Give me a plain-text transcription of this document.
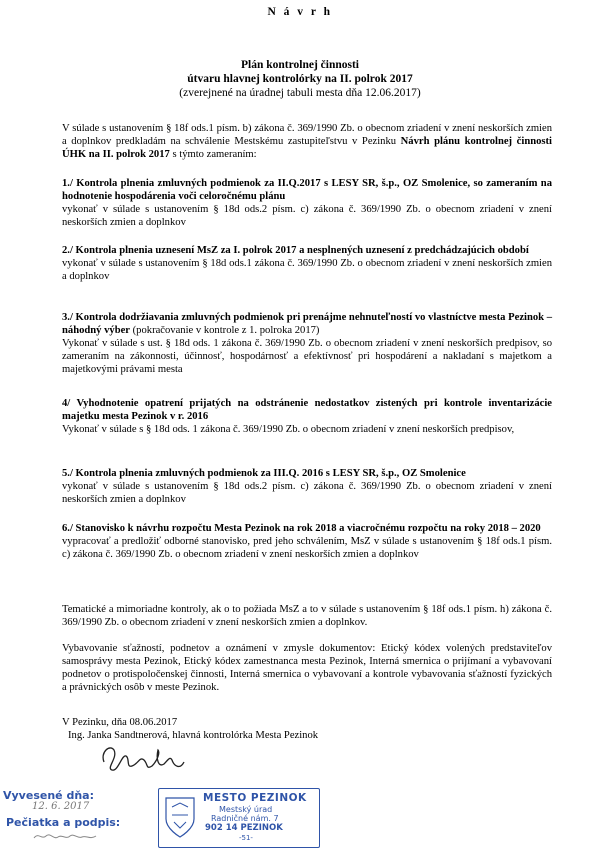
N á v r h
Plán kontrolnej činnosti
útvaru hlavnej kontrolórky na II. polrok 2017
(zverejnené na úradnej tabuli mesta dňa 12.06.2017)
V súlade s ustanovením § 18f ods.1 písm. b) zákona č. 369/1990 Zb. o obecnom zriadení v znení neskorších zmien a doplnkov predkladám na schválenie Mestskému zastupiteľstvu v Pezinku Návrh plánu kontrolnej činnosti ÚHK na II. polrok 2017 s týmto zameraním:
1./ Kontrola plnenia zmluvných podmienok za II.Q.2017 s LESY SR, š.p., OZ Smolenice, so zameraním na hodnotenie hospodárenia voči celoročnému plánu
vykonať v súlade s ustanovením § 18d ods.2 písm. c) zákona č. 369/1990 Zb. o obecnom zriadení v znení neskorších zmien a doplnkov
2./ Kontrola plnenia uznesení MsZ za I. polrok 2017 a nesplnených uznesení z predchádzajúcich období
vykonať v súlade s ustanovením § 18d ods.1 zákona č. 369/1990 Zb. o obecnom zriadení v znení neskorších zmien a doplnkov
3./ Kontrola dodržiavania zmluvných podmienok pri prenájme nehnuteľností vo vlastníctve mesta Pezinok – náhodný výber (pokračovanie v kontrole z 1. polroka 2017)
Vykonať v súlade s ust. § 18d ods. 1 zákona č. 369/1990 Zb. o obecnom zriadení v znení neskorších predpisov, so zameraním na zákonnosti, účinnosť, hospodárnosť a efektívnosť pri hospodárení a nakladaní s majetkom a majetkovými právami mesta
4/ Vyhodnotenie opatrení prijatých na odstránenie nedostatkov zistených pri kontrole inventarizácie majetku mesta Pezinok v r. 2016
Vykonať v súlade s § 18d ods. 1 zákona č. 369/1990 Zb. o obecnom zriadení v znení neskorších predpisov,
5./ Kontrola plnenia zmluvných podmienok za III.Q. 2016 s LESY SR, š.p., OZ Smolenice
vykonať v súlade s ustanovením § 18d ods.2 písm. c) zákona č. 369/1990 Zb. o obecnom zriadení v znení neskorších zmien a doplnkov
6./ Stanovisko k návrhu rozpočtu Mesta Pezinok na rok 2018 a viacročnému rozpočtu na roky 2018 – 2020
vypracovať a predložiť odborné stanovisko, pred jeho schválením, MsZ v súlade s ustanovením § 18f ods.1 písm. c) zákona č. 369/1990 Zb. o obecnom zriadení v znení neskorších zmien a doplnkov
Tematické a mimoriadne kontroly, ak o to požiada MsZ a to v súlade s ustanovením § 18f ods.1 písm. h) zákona č. 369/1990 Zb. o obecnom zriadení v znení neskorších zmien a doplnkov.
Vybavovanie sťažností, podnetov a oznámení v zmysle dokumentov: Etický kódex volených predstaviteľov samosprávy mesta Pezinok, Etický kódex zamestnanca mesta Pezinok, Interná smernica o prijímaní a vybavovaní podnetov o protispoločenskej činnosti, Interná smernica o vybavovaní a kontrole vybavovania sťažností fyzických a právnických osôb v meste Pezinok.
V Pezinku, dňa 08.06.2017
Ing. Janka Sandtnerová, hlavná kontrolórka Mesta Pezinok
Vyvesené dňa:
12. 6. 2017
Pečiatka a podpis:
MESTO PEZINOK
Mestský úrad
Radničné nám. 7
902 14 PEZINOK
-51-
